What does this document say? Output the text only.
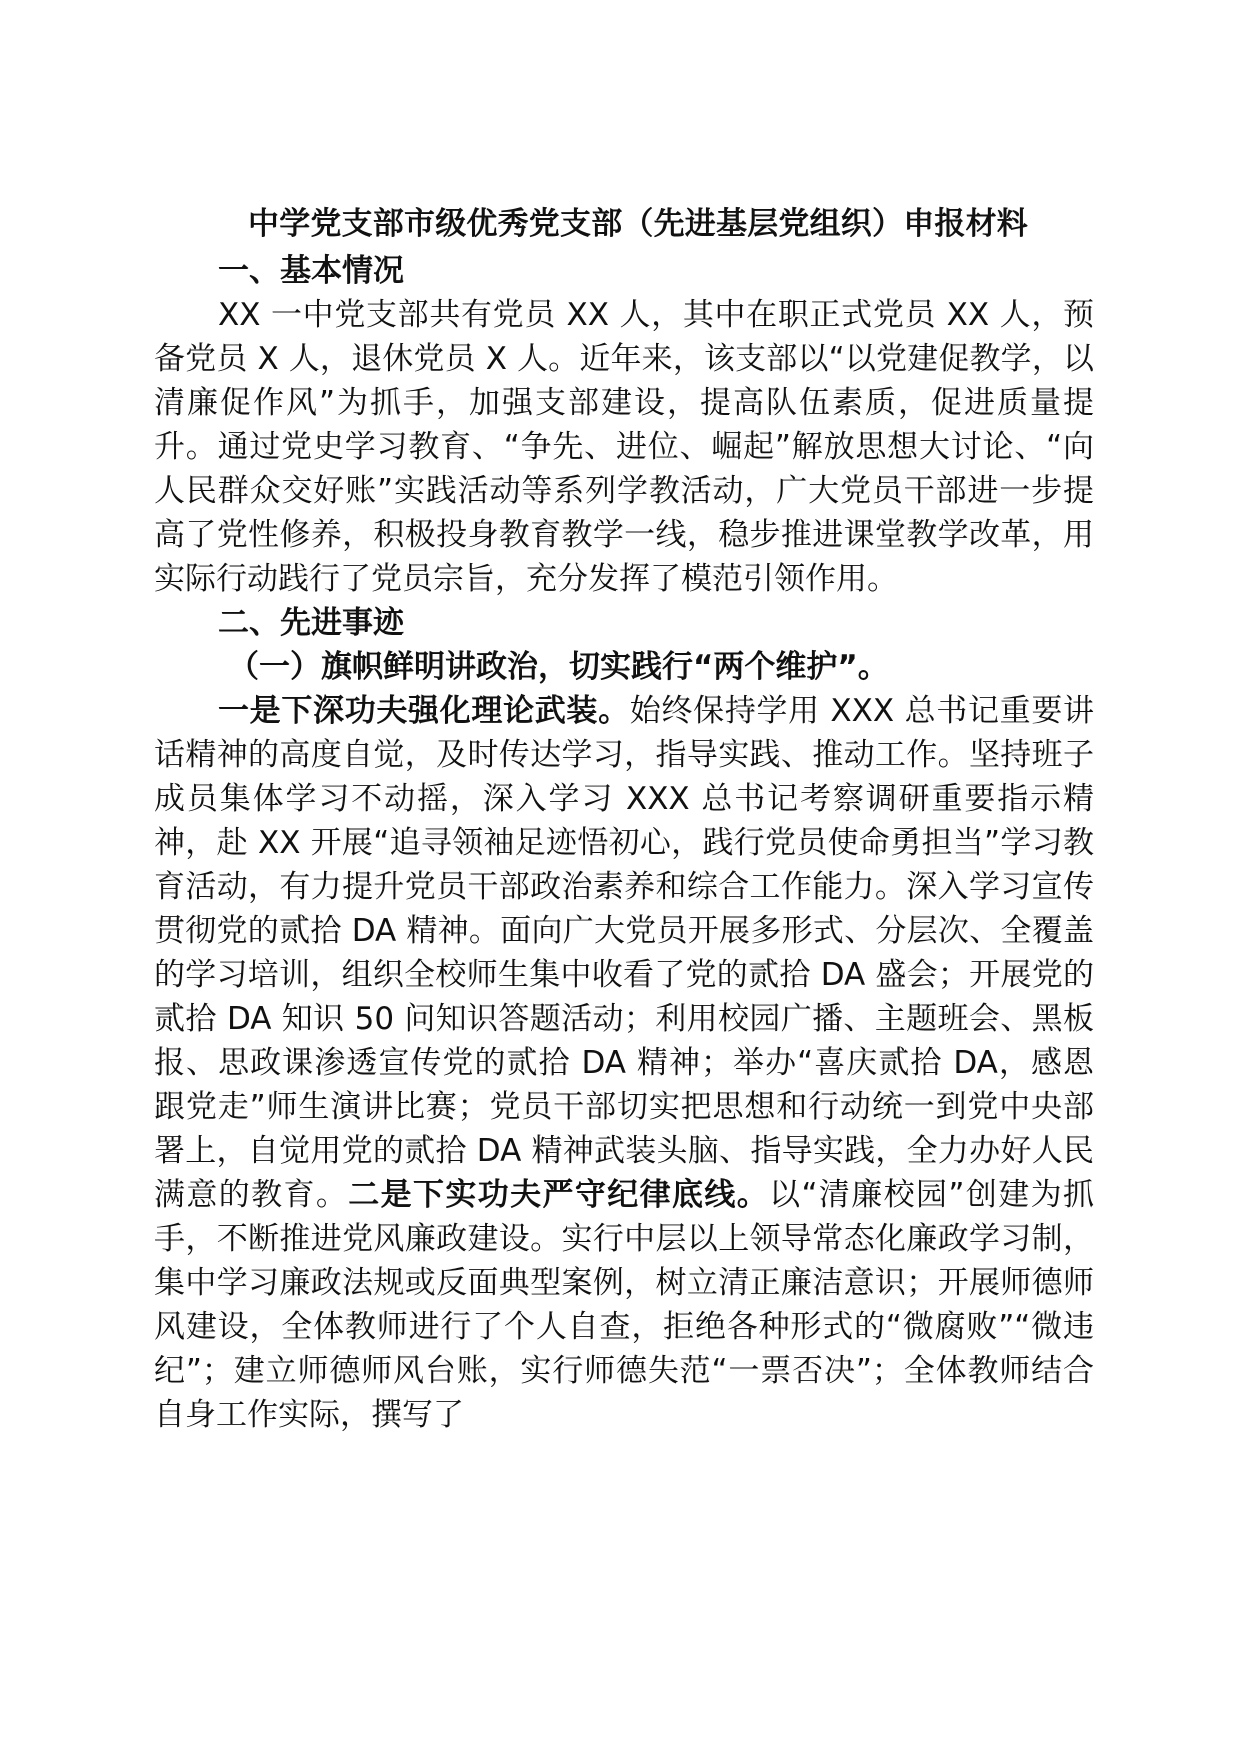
中学党支部市级优秀党支部（先进基层党组织）申报材料
一、基本情况

XX 一中党支部共有党员 XX 人，其中在职正式党员 XX 人，预备党员 X 人，退休党员 X 人。近年来，该支部以“以党建促教学，以清廉促作风”为抓手，加强支部建设，提高队伍素质，促进质量提升。通过党史学习教育、“争先、进位、崛起”解放思想大讨论、“向人民群众交好账”实践活动等系列学教活动，广大党员干部进一步提高了党性修养，积极投身教育教学一线，稳步推进课堂教学改革，用实际行动践行了党员宗旨，充分发挥了模范引领作用。

二、先进事迹
（一）旗帜鲜明讲政治，切实践行“两个维护”。

一是下深功夫强化理论武装。始终保持学用 XXX 总书记重要讲话精神的高度自觉，及时传达学习，指导实践、推动工作。坚持班子成员集体学习不动摇，深入学习 XXX 总书记考察调研重要指示精神，赴 XX 开展“追寻领袖足迹悟初心，践行党员使命勇担当”学习教育活动，有力提升党员干部政治素养和综合工作能力。深入学习宣传贯彻党的贰拾 DA 精神。面向广大党员开展多形式、分层次、全覆盖的学习培训，组织全校师生集中收看了党的贰拾 DA 盛会；开展党的贰拾 DA 知识 50 问知识答题活动；利用校园广播、主题班会、黑板报、思政课渗透宣传党的贰拾 DA 精神；举办“喜庆贰拾 DA，感恩跟党走”师生演讲比赛；党员干部切实把思想和行动统一到党中央部署上，自觉用党的贰拾 DA 精神武装头脑、指导实践，全力办好人民满意的教育。二是下实功夫严守纪律底线。以“清廉校园”创建为抓手，不断推进党风廉政建设。实行中层以上领导常态化廉政学习制，集中学习廉政法规或反面典型案例，树立清正廉洁意识；开展师德师风建设，全体教师进行了个人自查，拒绝各种形式的“微腐败”“微违纪”；建立师德师风台账，实行师德失范“一票否决”；全体教师结合自身工作实际，撰写了
